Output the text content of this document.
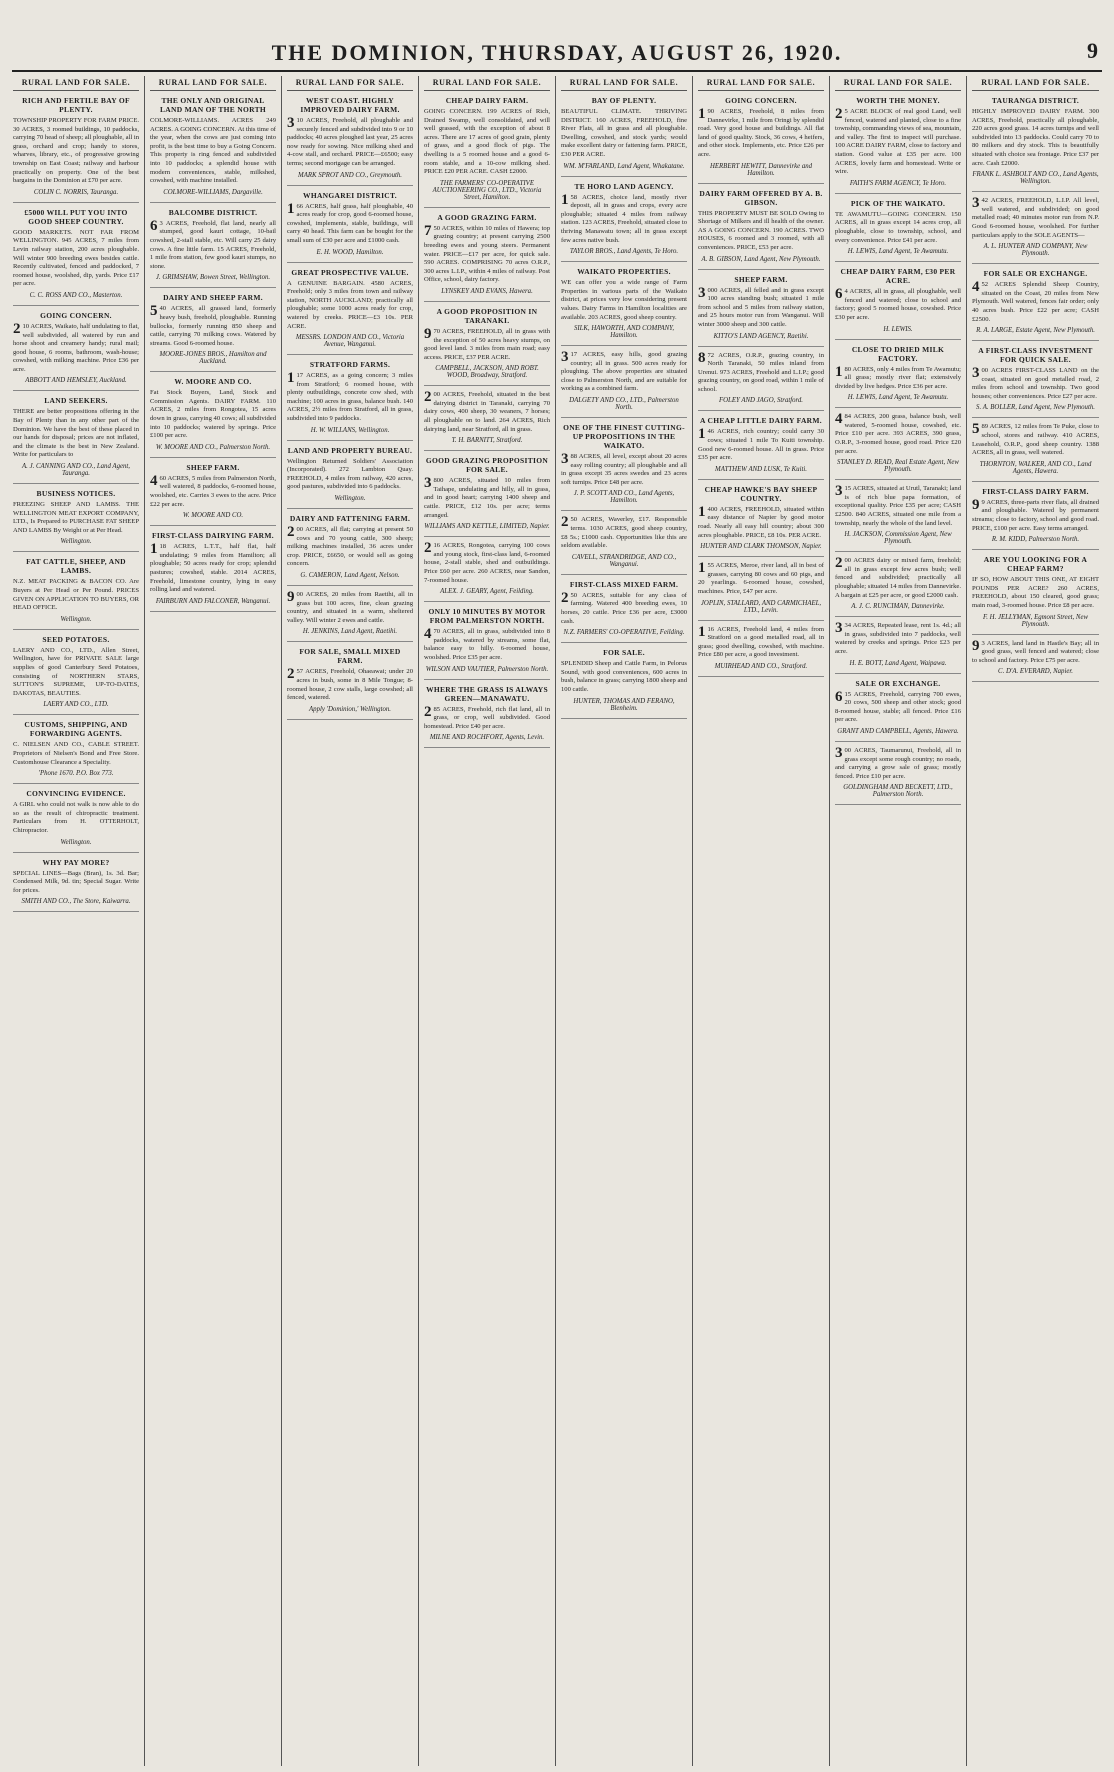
THE DOMINION, THURSDAY, AUGUST 26, 1920.	9
RURAL LAND FOR SALE.
RICH AND FERTILE BAY OF PLENTY.

TOWNSHIP PROPERTY FOR FARM PRICE. 30 ACRES, 3 roomed buildings, 10 paddocks, carrying 70 head of sheep; all ploughable, all in grass, orchard and crop; handy to stores, wharves, library, etc., of progressive growing township on East Coast; railway and harbour practically on property. One of the best bargains in the Dominion at £70 per acre.

COLIN C. NORRIS, Tauranga.
£5000 WILL PUT YOU INTO GOOD SHEEP COUNTRY.

GOOD MARKETS. NOT FAR FROM WELLINGTON. 945 ACRES, 7 miles from Levin railway station, 200 acres ploughable. Will winter 900 breeding ewes besides cattle. Recently cultivated, fenced and paddocked, 7 roomed house, woolshed, dip, yards. Price £17 per acre.

C. C. ROSS AND CO., Masterton.
GOING CONCERN.

210 ACRES, Waikato, half undulating to flat, well subdivided, all watered by run and horse shoot and creamery handy; rural mail; good house, 6 rooms, bathroom, wash-house; cowshed, with milking machine. Price £36 per acre.

ABBOTT AND HEMSLEY, Auckland.
LAND SEEKERS.

THERE are better propositions offering in the Bay of Plenty than in any other part of the Dominion. We have the best of these placed in our hands for disposal; prices are not inflated, and the climate is the best in New Zealand. Write for particulars to

A. J. CANNING AND CO., Land Agent, Tauranga.
BUSINESS NOTICES.

FREEZING SHEEP AND LAMBS. THE WELLINGTON MEAT EXPORT COMPANY, LTD., Is Prepared to PURCHASE FAT SHEEP AND LAMBS By Weight or at Per Head.

Wellington.
FAT CATTLE, SHEEP, AND LAMBS.

N.Z. MEAT PACKING & BACON CO. Are Buyers at Per Head or Per Pound. PRICES GIVEN ON APPLICATION TO BUYERS, OR HEAD OFFICE.

Wellington.
SEED POTATOES.

LAERY AND CO., LTD., Allen Street, Wellington, have for PRIVATE SALE large supplies of good Canterbury Seed Potatoes, consisting of NORTHERN STARS, SUTTON'S SUPREME, UP-TO-DATES, DAKOTAS, BEAUTIES.

LAERY AND CO., LTD.
CUSTOMS, SHIPPING, AND FORWARDING AGENTS.

C. NIELSEN AND CO., CABLE STREET. Proprietors of Nielsen's Bond and Free Store. Customhouse Clearance a Speciality.

'Phone 1670. P.O. Box 773.
CONVINCING EVIDENCE.

A GIRL who could not walk is now able to do so as the result of chiropractic treatment. Particulars from H. OTTERHOLT, Chiropractor.

Wellington.
WHY PAY MORE?

SPECIAL LINES—Bags (Bran), 1s. 3d. Bar; Condensed Milk, 9d. tin; Special Sugar. Write for prices.

SMITH AND CO., The Store, Kaiwarra.
RURAL LAND FOR SALE.
THE ONLY AND ORIGINAL LAND MAN OF THE NORTH

COLMORE-WILLIAMS. ACRES 249 ACRES. A GOING CONCERN. At this time of the year, when the cows are just coming into profit, is the best time to buy a Going Concern. This property is ring fenced and subdivided into 10 paddocks; a splendid house with modern conveniences, stable, milkshed, cowshed, with machine installed.

COLMORE-WILLIAMS, Dargaville.
BALCOMBE DISTRICT.

63 ACRES, Freehold, flat land, nearly all stumped, good kauri cottage, 10-bail cowshed, 2-stall stable, etc. Will carry 25 dairy cows. A fine little farm. 15 ACRES, Freehold, 1 mile from station, few good kauri stumps, no stone.

J. GRIMSHAW, Bowen Street, Wellington.
DAIRY AND SHEEP FARM.

540 ACRES, all grassed land, formerly heavy bush, freehold, ploughable. Running bullocks, formerly running 850 sheep and cattle, carrying 70 milking cows. Watered by streams. Good 6-roomed house.

MOORE-JONES BROS., Hamilton and Auckland.
W. MOORE AND CO.

Fat Stock Buyers, Land, Stock and Commission Agents. DAIRY FARM. 110 ACRES, 2 miles from Rongotea, 15 acres down in grass, carrying 40 cows; all subdivided into 10 paddocks; watered by springs. Price £100 per acre.

W. MOORE AND CO., Palmerston North.
SHEEP FARM.

460 ACRES, 5 miles from Palmerston North, well watered, 8 paddocks, 6-roomed house, woolshed, etc. Carries 3 ewes to the acre. Price £22 per acre.

W. MOORE AND CO.
FIRST-CLASS DAIRYING FARM.

118 ACRES, L.T.T., half flat, half undulating; 9 miles from Hamilton; all ploughable; 50 acres ready for crop; splendid pastures; cowshed, stable. 2014 ACRES, Freehold, limestone country, lying in easy rolling land and watered.

FAIRBURN AND FALCONER, Wanganui.
RURAL LAND FOR SALE.
WEST COAST. HIGHLY IMPROVED DAIRY FARM.

310 ACRES, Freehold, all ploughable and securely fenced and subdivided into 9 or 10 paddocks; 40 acres ploughed last year, 25 acres now ready for sowing. Nice milking shed and 4-cow stall, and orchard. PRICE—£6500; easy terms; second mortgage can be arranged.

MARK SPROT AND CO., Greymouth.
WHANGAREI DISTRICT.

166 ACRES, half grass, half ploughable, 40 acres ready for crop, good 6-roomed house, cowshed, implements, stable, buildings, will carry 40 head. This farm can be bought for the small sum of £30 per acre and £1000 cash.

E. H. WOOD, Hamilton.
GREAT PROSPECTIVE VALUE.

A GENUINE BARGAIN. 4580 ACRES, Freehold; only 3 miles from town and railway station, NORTH AUCKLAND; practically all ploughable; some 1000 acres ready for crop, watered by creeks. PRICE—£3 10s. PER ACRE.

MESSRS. LONDON AND CO., Victoria Avenue, Wanganui.
STRATFORD FARMS.

117 ACRES, as a going concern; 3 miles from Stratford; 6 roomed house, with plenty outbuildings, concrete cow shed, with machine; 100 acres in grass, balance bush. 140 ACRES, 2½ miles from Stratford, all in grass, subdivided into 9 paddocks.

H. W. WILLANS, Wellington.
LAND AND PROPERTY BUREAU.

Wellington Returned Soldiers' Association (Incorporated). 272 Lambton Quay. FREEHOLD, 4 miles from railway, 420 acres, good pastures, subdivided into 6 paddocks.

Wellington.
DAIRY AND FATTENING FARM.

200 ACRES, all flat; carrying at present 50 cows and 70 young cattle, 300 sheep; milking machines installed, 36 acres under crop. PRICE, £6650, or would sell as going concern.

G. CAMERON, Land Agent, Nelson.

900 ACRES, 20 miles from Raetihi, all in grass but 100 acres, fine, clean grazing country, and situated in a warm, sheltered valley. Will winter 2 ewes and cattle.

H. JENKINS, Land Agent, Raetihi.
FOR SALE, SMALL MIXED FARM.

257 ACRES, Freehold, Ohaeawai; under 20 acres in bush, some in 8 Mile Tongue; 8-roomed house, 2 cow stalls, large cowshed; all fenced, watered.

Apply 'Dominion,' Wellington.
RURAL LAND FOR SALE.
CHEAP DAIRY FARM.

GOING CONCERN. 199 ACRES of Rich, Drained Swamp, well consolidated, and will well grassed, with the exception of about 8 acres. There are 17 acres of good grain, plenty of grass, and a good flock of pigs. The dwelling is a 5 roomed house and a good 6-room stable, and a 10-cow milking shed. PRICE £20 PER ACRE. CASH £2000.

THE FARMERS' CO-OPERATIVE AUCTIONEERING CO., LTD., Victoria Street, Hamilton.
A GOOD GRAZING FARM.

750 ACRES, within 10 miles of Hawera; top grazing country; at present carrying 2500 breeding ewes and young steers. Permanent water. PRICE—£17 per acre, for quick sale. 590 ACRES. COMPRISING 70 acres O.R.P., 300 acres L.I.P., within 4 miles of railway. Post Office, school, dairy factory.

LYNSKEY AND EVANS, Hawera.
A GOOD PROPOSITION IN TARANAKI.

970 ACRES, FREEHOLD, all in grass with the exception of 50 acres heavy stumps, on good level land. 3 miles from main road; easy access. PRICE, £37 PER ACRE.

CAMPBELL, JACKSON, AND ROBT. WOOD, Broadway, Stratford.

200 ACRES, Freehold, situated in the best dairying district in Taranaki, carrying 70 dairy cows, 400 sheep, 30 weaners, 7 horses; all ploughable on to land. 264 ACRES, Rich dairying land, near Stratford, all in grass.

T. H. BARNITT, Stratford.
GOOD GRAZING PROPOSITION FOR SALE.

3800 ACRES, situated 10 miles from Taihape, undulating and hilly, all in grass, and in good heart; carrying 1400 sheep and cattle. PRICE, £12 10s. per acre; terms arranged.

WILLIAMS AND KETTLE, LIMITED, Napier.

216 ACRES, Rongotea, carrying 100 cows and young stock, first-class land, 6-roomed house, 2-stall stable, shed and outbuildings. Price £60 per acre. 260 ACRES, near Sandon, 7-roomed house.

ALEX. J. GEARY, Agent, Feilding.
ONLY 10 MINUTES BY MOTOR FROM PALMERSTON NORTH.

470 ACRES, all in grass, subdivided into 8 paddocks, watered by streams, some flat, balance easy to hilly. 6-roomed house, woolshed. Price £35 per acre.

WILSON AND VAUTIER, Palmerston North.
WHERE THE GRASS IS ALWAYS GREEN—MANAWATU.

285 ACRES, Freehold, rich flat land, all in grass, or crop, well subdivided. Good homestead. Price £40 per acre.

MILNE AND ROCHFORT, Agents, Levin.
RURAL LAND FOR SALE.
BAY OF PLENTY.

BEAUTIFUL CLIMATE. THRIVING DISTRICT. 160 ACRES, FREEHOLD, fine River Flats, all in grass and all ploughable. Dwelling, cowshed, and stock yards; would make excellent dairy or fattening farm. PRICE, £30 PER ACRE.

WM. M'FARLAND, Land Agent, Whakatane.
TE HORO LAND AGENCY.

158 ACRES, choice land, mostly river deposit, all in grass and crops, every acre ploughable; situated 4 miles from railway station. 123 ACRES, Freehold, situated close to thriving Manawatu town; all in grass except few acres native bush.

TAYLOR BROS., Land Agents, Te Horo.
WAIKATO PROPERTIES.

WE can offer you a wide range of Farm Properties in various parts of the Waikato district, at prices very low considering present values. Dairy Farms in Hamilton localities are available. 203 ACRES, good sheep country.

SILK, HAWORTH, AND COMPANY, Hamilton.

317 ACRES, easy hills, good grazing country; all in grass. 500 acres ready for ploughing. The above properties are situated close to Palmerston North, and are suitable for working as a combined farm.

DALGETY AND CO., LTD., Palmerston North.
ONE OF THE FINEST CUTTING-UP PROPOSITIONS IN THE WAIKATO.

388 ACRES, all level, except about 20 acres easy rolling country; all ploughable and all in grass except 35 acres swedes and 23 acres soft turnips. Price £48 per acre.

J. P. SCOTT AND CO., Land Agents, Hamilton.

250 ACRES, Waverley, £17. Responsible terms. 1030 ACRES, good sheep country, £8 5s.; £1000 cash. Opportunities like this are seldom available.

CAVELL, STRANDRIDGE, AND CO., Wanganui.
FIRST-CLASS MIXED FARM.

250 ACRES, suitable for any class of farming. Watered 400 breeding ewes, 10 horses, 20 cattle. Price £36 per acre, £3000 cash.

N.Z. FARMERS' CO-OPERATIVE, Feilding.
FOR SALE.

SPLENDID Sheep and Cattle Farm, in Pelorus Sound, with good conveniences, 600 acres in bush, balance in grass; carrying 1800 sheep and 100 cattle.

HUNTER, THOMAS AND FERANO, Blenheim.
RURAL LAND FOR SALE.
GOING CONCERN.

190 ACRES, Freehold, 8 miles from Dannevirke, 1 mile from Oringi by splendid road. Very good house and buildings. All flat land of good quality. Stock, 36 cows, 4 heifers, and other stock. Implements, etc. Price £26 per acre.

HERBERT HEWITT, Dannevirke and Hamilton.
DAIRY FARM OFFERED BY A. B. GIBSON.

THIS PROPERTY MUST BE SOLD Owing to Shortage of Milkers and ill health of the owner. AS A GOING CONCERN. 190 ACRES. TWO HOUSES, 6 roomed and 3 roomed, with all conveniences. PRICE, £53 per acre.

A. B. GIBSON, Land Agent, New Plymouth.
SHEEP FARM.

3000 ACRES, all felled and in grass except 100 acres standing bush; situated 1 mile from school and 5 miles from railway station, and 25 hours motor run from Wanganui. Will winter 3000 sheep and 300 cattle.

KITTO'S LAND AGENCY, Raetihi.

872 ACRES, O.R.P., grazing country, in North Taranaki, 50 miles inland from Urenui. 973 ACRES, Freehold and L.I.P.; good grazing country, on good road, within 1 mile of school.

FOLEY AND JAGO, Stratford.
A CHEAP LITTLE DAIRY FARM.

146 ACRES, rich country; could carry 30 cows; situated 1 mile To Kuiti township. Good new 6-roomed house. All in grass. Price £35 per acre.

MATTHEW AND LUSK, Te Kuiti.
CHEAP HAWKE'S BAY SHEEP COUNTRY.

1400 ACRES, FREEHOLD, situated within easy distance of Napier by good motor road. Nearly all easy hill country; about 300 acres ploughable. PRICE, £8 10s. PER ACRE.

HUNTER AND CLARK THOMSON, Napier.

155 ACRES, Meroe, river land, all in best of grasses, carrying 80 cows and 60 pigs, and 20 yearlings. 6-roomed house, cowshed, machines. Price, £47 per acre.

JOPLIN, STALLARD, AND CARMICHAEL, LTD., Levin.

116 ACRES, Freehold land, 4 miles from Stratford on a good metalled road, all in grass; good dwelling, cowshed, with machine. Price £80 per acre, a good investment.

MUIRHEAD AND CO., Stratford.
RURAL LAND FOR SALE.
WORTH THE MONEY.

25 ACRE BLOCK of real good Land, well fenced, watered and planted, close to a fine township, commanding views of sea, mountain, and valley. The first to inspect will purchase. 100 ACRE DAIRY FARM, close to factory and station. Good value at £35 per acre. 100 ACRES, lovely farm and homestead. Write or wire.

FAITH'S FARM AGENCY, Te Horo.
PICK OF THE WAIKATO.

TE AWAMUTU—GOING CONCERN. 150 ACRES, all in grass except 14 acres crop, all ploughable, close to township, school, and every convenience. Price £41 per acre.

H. LEWIS, Land Agent, Te Awamutu.
CHEAP DAIRY FARM, £30 PER ACRE.

64 ACRES, all in grass, all ploughable, well fenced and watered; close to school and factory; good 5 roomed house, cowshed. Price £30 per acre.

H. LEWIS.
CLOSE TO DRIED MILK FACTORY.

180 ACRES, only 4 miles from Te Awamutu; all grass; mostly river flat; extensively divided by live hedges. Price £36 per acre.

H. LEWIS, Land Agent, Te Awamutu.

484 ACRES, 200 grass, balance bush, well watered, 5-roomed house, cowshed, etc. Price £10 per acre. 393 ACRES, 390 grass, O.R.P., 3-roomed house, good road. Price £20 per acre.

STANLEY D. READ, Real Estate Agent, New Plymouth.

315 ACRES, situated at Urutl, Taranaki; land is of rich blue papa formation, of exceptional quality. Price £35 per acre; CASH £2500. 840 ACRES, situated one mile from a township, nearly the whole of the land level.

H. JACKSON, Commission Agent, New Plymouth.

200 ACRES dairy or mixed farm, freehold; all in grass except few acres bush; well fenced and subdivided; practically all ploughable; situated 14 miles from Dannevirke. A bargain at £25 per acre, or good £2000 cash.

A. J. C. RUNCIMAN, Dannevirke.

334 ACRES, Repeated lease, rent 1s. 4d.; all in grass, subdivided into 7 paddocks, well watered by creeks and springs. Price £23 per acre.

H. E. BOTT, Land Agent, Waipawa.
SALE OR EXCHANGE.

615 ACRES, Freehold, carrying 700 ewes, 20 cows, 500 sheep and other stock; good 8-roomed house, stable; all fenced. Price £16 per acre.

GRANT AND CAMPBELL, Agents, Hawera.

300 ACRES, Taumarunui, Freehold, all in grass except some rough country; no roads, and carrying a grow sale of grass; mostly fenced. Price £10 per acre.

GOLDINGHAM AND BECKETT, LTD., Palmerston North.
RURAL LAND FOR SALE.
TAURANGA DISTRICT.

HIGHLY IMPROVED DAIRY FARM. 300 ACRES, Freehold, practically all ploughable, 220 acres good grass. 14 acres turnips and well subdivided into 13 paddocks. Could carry 70 to 80 milkers and dry stock. This is beautifully situated with choice sea frontage. Price £37 per acre. Cash £2000.

FRANK L. ASHBOLT AND CO., Land Agents, Wellington.

342 ACRES, FREEHOLD, L.I.P. All level, well watered, and subdivided; on good metalled road; 40 minutes motor run from N.P. Good 6-roomed house, woolshed. For further particulars apply to the SOLE AGENTS—

A. L. HUNTER AND COMPANY, New Plymouth.
FOR SALE OR EXCHANGE.

452 ACRES Splendid Sheep Country, situated on the Coast, 20 miles from New Plymouth. Well watered, fences fair order; only 40 acres bush. Price £22 per acre; CASH £2500.

R. A. LARGE, Estate Agent, New Plymouth.
A FIRST-CLASS INVESTMENT FOR QUICK SALE.

300 ACRES FIRST-CLASS LAND on the coast, situated on good metalled road, 2 miles from school and township. Two good houses; other conveniences. Price £27 per acre.

S. A. BOLLER, Land Agent, New Plymouth.

589 ACRES, 12 miles from Te Puke, close to school, stores and railway. 410 ACRES, Leasehold, O.R.P., good sheep country. 1388 ACRES, all in grass, well watered.

THORNTON, WALKER, AND CO., Land Agents, Hawera.
FIRST-CLASS DAIRY FARM.

99 ACRES, three-parts river flats, all drained and ploughable. Watered by permanent streams; close to factory, school and good road. PRICE, £100 per acre. Easy terms arranged.

R. M. KIDD, Palmerston North.
ARE YOU LOOKING FOR A CHEAP FARM?

IF SO, HOW ABOUT THIS ONE, AT EIGHT POUNDS PER ACRE? 260 ACRES, FREEHOLD, about 150 cleared, good grass; main road, 3-roomed house. Price £8 per acre.

F. H. JELLYMAN, Egmont Street, New Plymouth.

93 ACRES, land land in Hastle's Bay; all in good grass, well fenced and watered; close to school and factory. Price £75 per acre.

C. D'A. EVERARD, Napier.
